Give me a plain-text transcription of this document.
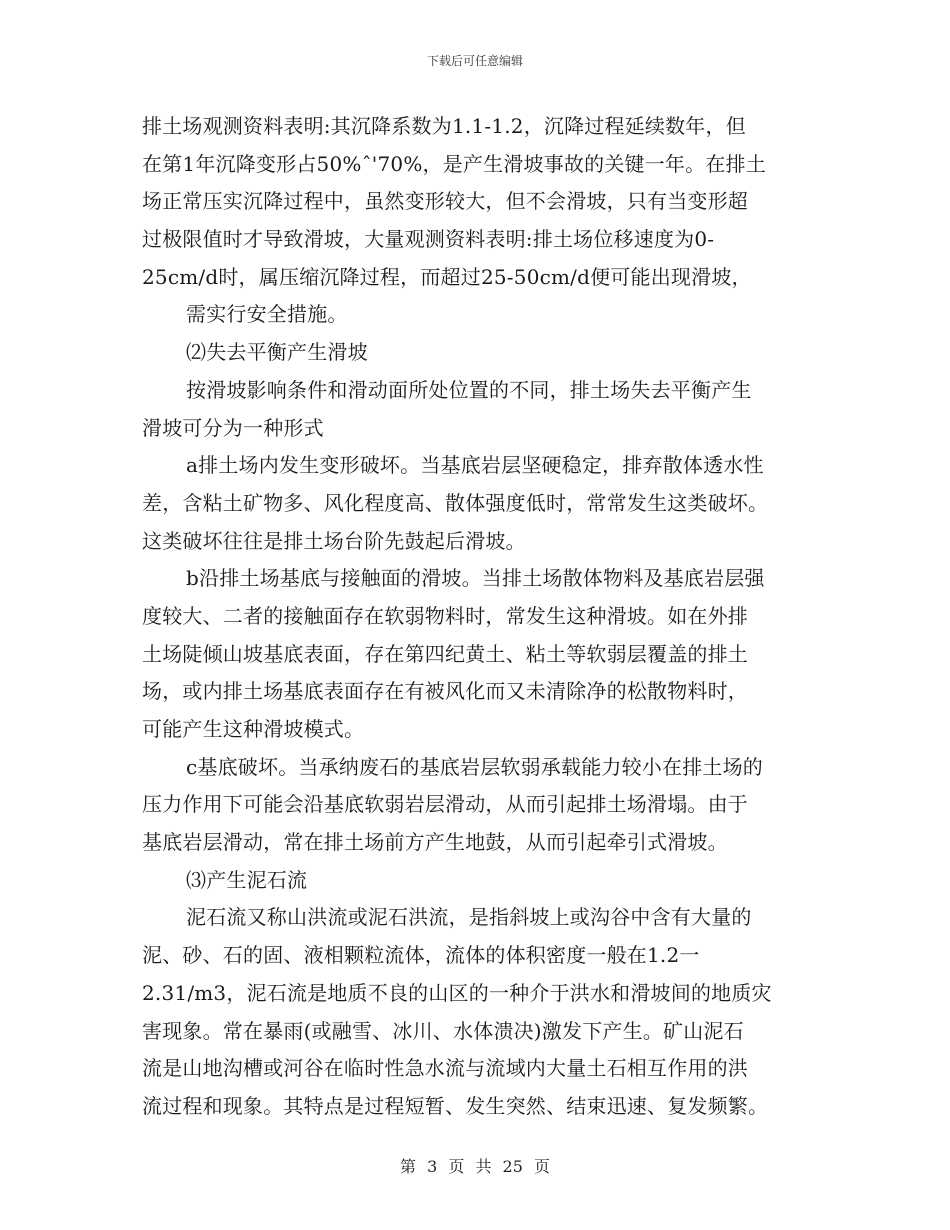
下载后可任意编辑
排土场观测资料表明:其沉降系数为1.1-1.2，沉降过程延续数年，但
在第1年沉降变形占50%ˆ'70%，是产生滑坡事故的关键一年。在排土
场正常压实沉降过程中，虽然变形较大，但不会滑坡，只有当变形超
过极限值时才导致滑坡，大量观测资料表明:排土场位移速度为0-
25cm/d时，属压缩沉降过程，而超过25-50cm/d便可能出现滑坡，
需实行安全措施。
⑵失去平衡产生滑坡
按滑坡影响条件和滑动面所处位置的不同，排土场失去平衡产生
滑坡可分为一种形式
a排土场内发生变形破坏。当基底岩层坚硬稳定，排弃散体透水性
差，含粘土矿物多、风化程度高、散体强度低时，常常发生这类破坏。
这类破坏往往是排土场台阶先鼓起后滑坡。
b沿排土场基底与接触面的滑坡。当排土场散体物料及基底岩层强
度较大、二者的接触面存在软弱物料时，常发生这种滑坡。如在外排
土场陡倾山坡基底表面，存在第四纪黄土、粘土等软弱层覆盖的排土
场，或内排土场基底表面存在有被风化而又未清除净的松散物料时，
可能产生这种滑坡模式。
c基底破坏。当承纳废石的基底岩层软弱承载能力较小在排土场的
压力作用下可能会沿基底软弱岩层滑动，从而引起排土场滑塌。由于
基底岩层滑动，常在排土场前方产生地鼓，从而引起牵引式滑坡。
⑶产生泥石流
泥石流又称山洪流或泥石洪流，是指斜坡上或沟谷中含有大量的
泥、砂、石的固、液相颗粒流体，流体的体积密度一般在1.2一
2.31/m3，泥石流是地质不良的山区的一种介于洪水和滑坡间的地质灾
害现象。常在暴雨(或融雪、冰川、水体溃决)激发下产生。矿山泥石
流是山地沟槽或河谷在临时性急水流与流域内大量土石相互作用的洪
流过程和现象。其特点是过程短暂、发生突然、结束迅速、复发频繁。
第 3 页 共 25 页
